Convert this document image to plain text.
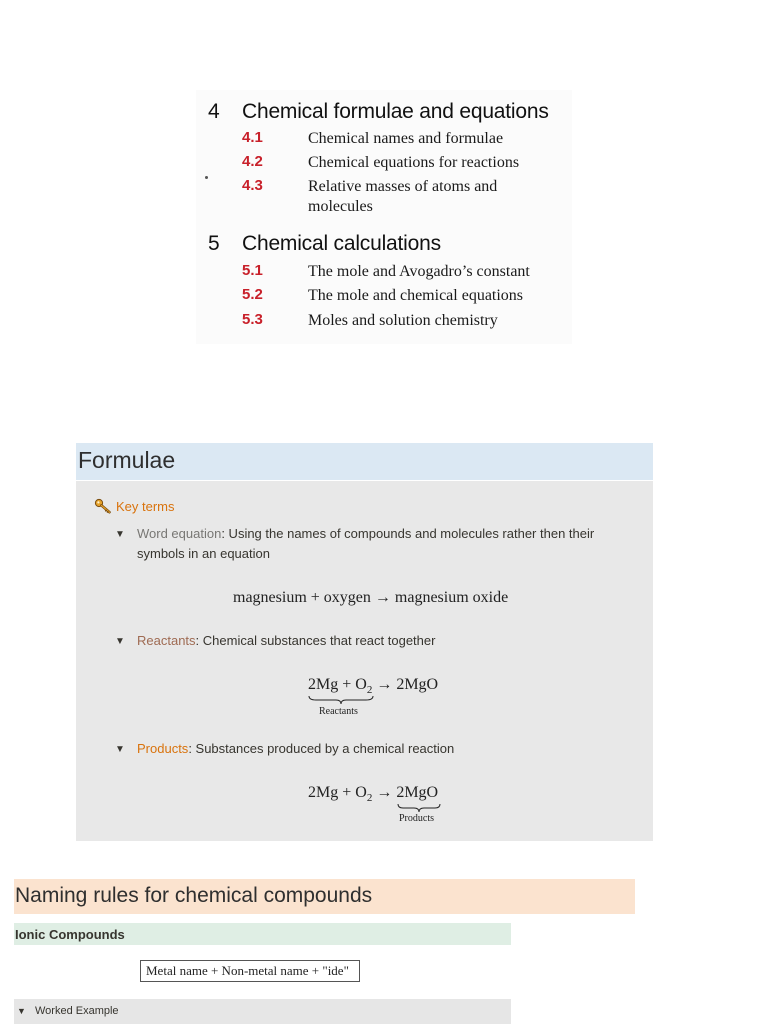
4	Chemical formulae and equations
4.1	Chemical names and formulae
4.2	Chemical equations for reactions
4.3	Relative masses of atoms and molecules
5	Chemical calculations
5.1	The mole and Avogadro’s constant
5.2	The mole and chemical equations
5.3	Moles and solution chemistry
Formulae
Key terms
▼ Word equation: Using the names of compounds and molecules rather then their symbols in an equation
magnesium + oxygen → magnesium oxide
▼ Reactants: Chemical substances that react together
$2Mg + O_2 \to 2MgO$
Reactants
▼ Products: Substances produced by a chemical reaction
$2Mg + O_2 \to 2MgO$
Products
Naming rules for chemical compounds
Ionic Compounds
Metal name + Non-metal name + "ide"
▼ Worked Example
